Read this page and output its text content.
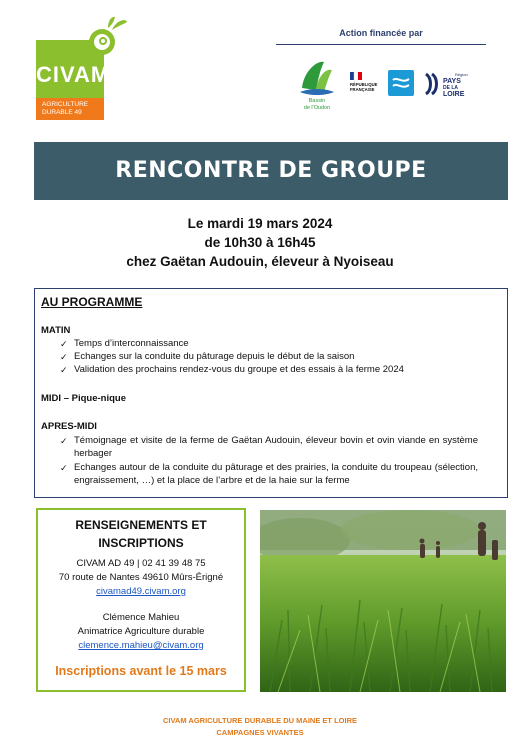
CIVAM
AGRICULTURE
DURABLE 49
Action financée par
Bassin
de l'Oudon
RÉPUBLIQUE
FRANÇAISE
Région
PAYS
DE LA
LOIRE
RENCONTRE DE GROUPE
Le mardi 19 mars 2024
de 10h30 à 16h45
chez Gaëtan Audouin, éleveur à Nyoiseau
AU PROGRAMME
MATIN
✓ Temps d’interconnaissance
✓ Echanges sur la conduite du pâturage depuis le début de la saison
✓ Validation des prochains rendez-vous du groupe et des essais à la ferme 2024
MIDI – Pique-nique
APRES-MIDI
✓ Témoignage et visite de la ferme de Gaëtan Audouin, éleveur bovin et ovin viande en système herbager
✓ Echanges autour de la conduite du pâturage et des prairies, la conduite du troupeau (sélection, engraissement, …) et la place de l’arbre et de la haie sur la ferme
RENSEIGNEMENTS ET
INSCRIPTIONS
CIVAM AD 49 | 02 41 39 48 75
70 route de Nantes 49610 Mûrs-Érigné
civamad49.civam.org
Clémence Mahieu
Animatrice Agriculture durable
clemence.mahieu@civam.org
Inscriptions avant le 15 mars
CIVAM AGRICULTURE DURABLE DU MAINE ET LOIRE
CAMPAGNES VIVANTES
